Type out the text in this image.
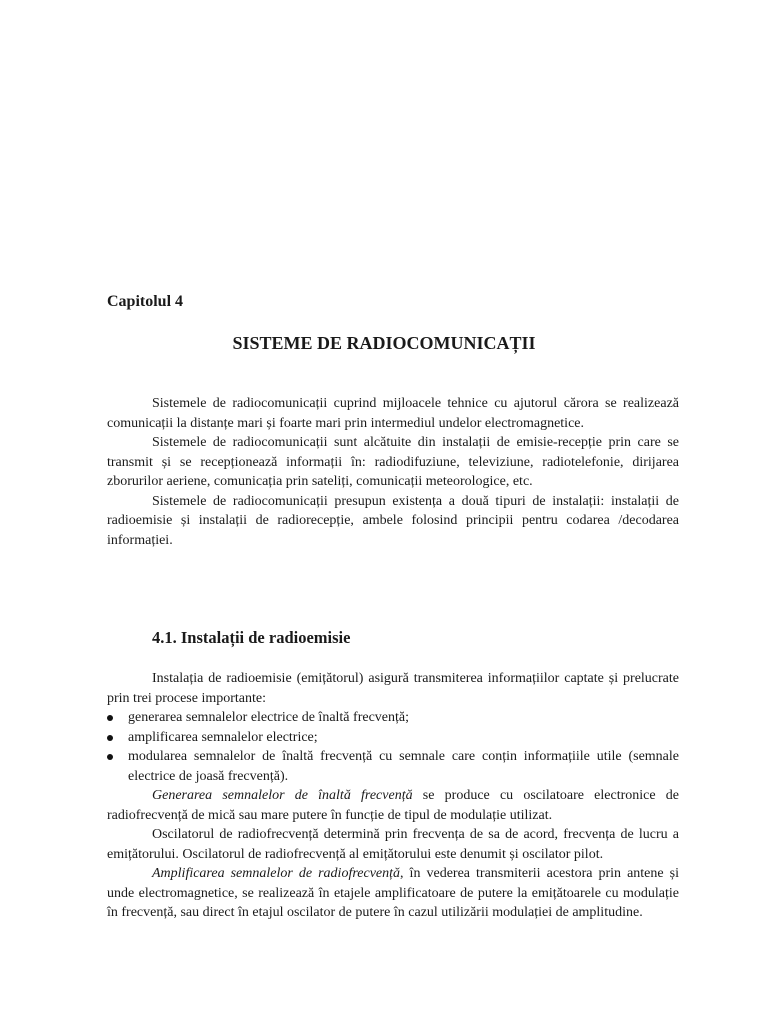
Capitolul 4
SISTEME DE RADIOCOMUNICAȚII

Sistemele de radiocomunicații cuprind mijloacele tehnice cu ajutorul cărora se realizează comunicații la distanțe mari și foarte mari prin intermediul undelor electromagnetice.

Sistemele de radiocomunicații sunt alcătuite din instalații de emisie-recepție prin care se transmit și se recepționează informații în: radiodifuziune, televiziune, radiotelefonie, dirijarea zborurilor aeriene, comunicația prin sateliți, comunicații meteorologice, etc.

Sistemele de radiocomunicații presupun existența a două tipuri de instalații: instalații de radioemisie și instalații de radiorecepție, ambele folosind principii pentru codarea /decodarea informației.

4.1. Instalații de radioemisie

Instalația de radioemisie (emițătorul) asigură transmiterea informațiilor captate și prelucrate prin trei procese importante:

generarea semnalelor electrice de înaltă frecvență;
amplificarea semnalelor electrice;
modularea semnalelor de înaltă frecvență cu semnale care conțin informațiile utile (semnale electrice de joasă frecvență).

Generarea semnalelor de înaltă frecvență se produce cu oscilatoare electronice de radiofrecvență de mică sau mare putere în funcție de tipul de modulație utilizat.

Oscilatorul de radiofrecvență determină prin frecvența de sa de acord, frecvența de lucru a emițătorului. Oscilatorul de radiofrecvență al emițătorului este denumit și oscilator pilot.

Amplificarea semnalelor de radiofrecvență, în vederea transmiterii acestora prin antene și unde electromagnetice, se realizează în etajele amplificatoare de putere la emițătoarele cu modulație în frecvență, sau direct în etajul oscilator de putere în cazul utilizării modulației de amplitudine.
